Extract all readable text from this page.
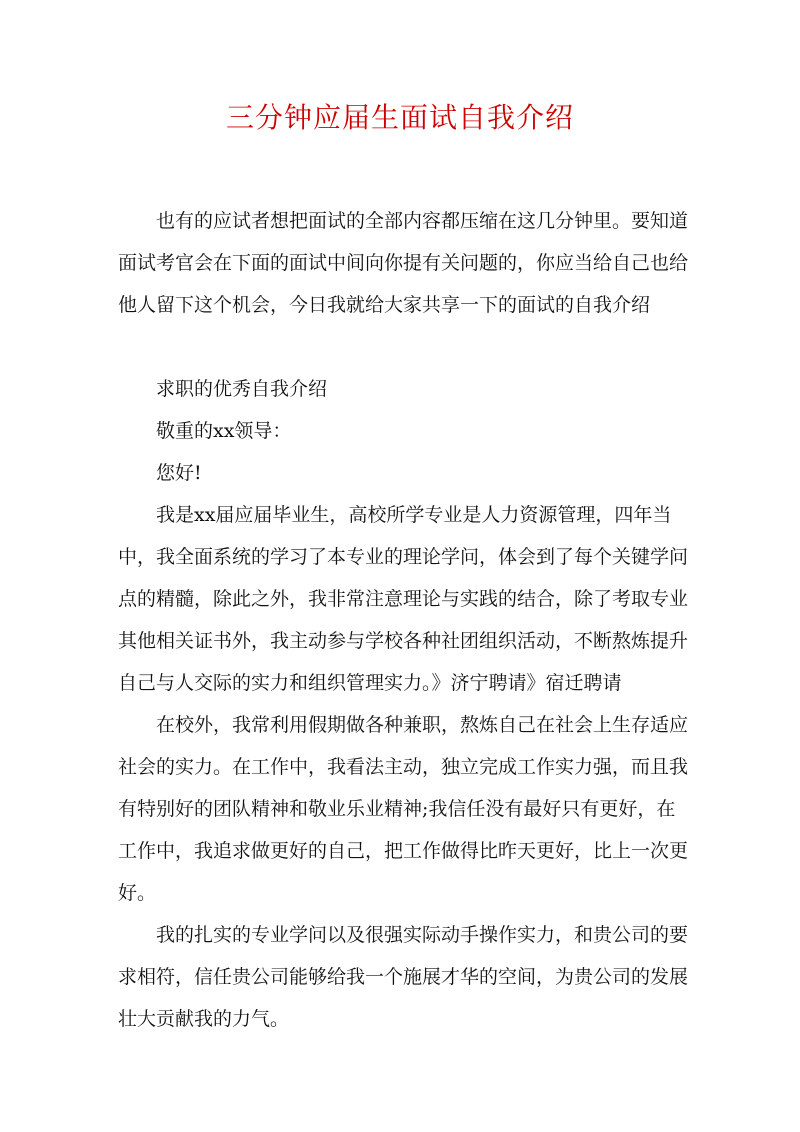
三分钟应届生面试自我介绍

也有的应试者想把面试的全部内容都压缩在这几分钟里。要知道面试考官会在下面的面试中间向你提有关问题的，你应当给自己也给他人留下这个机会，今日我就给大家共享一下的面试的自我介绍

求职的优秀自我介绍

敬重的xx领导：

您好!

我是xx届应届毕业生，高校所学专业是人力资源管理，四年当中，我全面系统的学习了本专业的理论学问，体会到了每个关键学问点的精髓，除此之外，我非常注意理论与实践的结合，除了考取专业其他相关证书外，我主动参与学校各种社团组织活动，不断熬炼提升自己与人交际的实力和组织管理实力。》济宁聘请》宿迁聘请

在校外，我常利用假期做各种兼职，熬炼自己在社会上生存适应社会的实力。在工作中，我看法主动，独立完成工作实力强，而且我有特别好的团队精神和敬业乐业精神;我信任没有最好只有更好，在工作中，我追求做更好的自己，把工作做得比昨天更好，比上一次更好。

我的扎实的专业学问以及很强实际动手操作实力，和贵公司的要求相符，信任贵公司能够给我一个施展才华的空间，为贵公司的发展壮大贡献我的力气。
